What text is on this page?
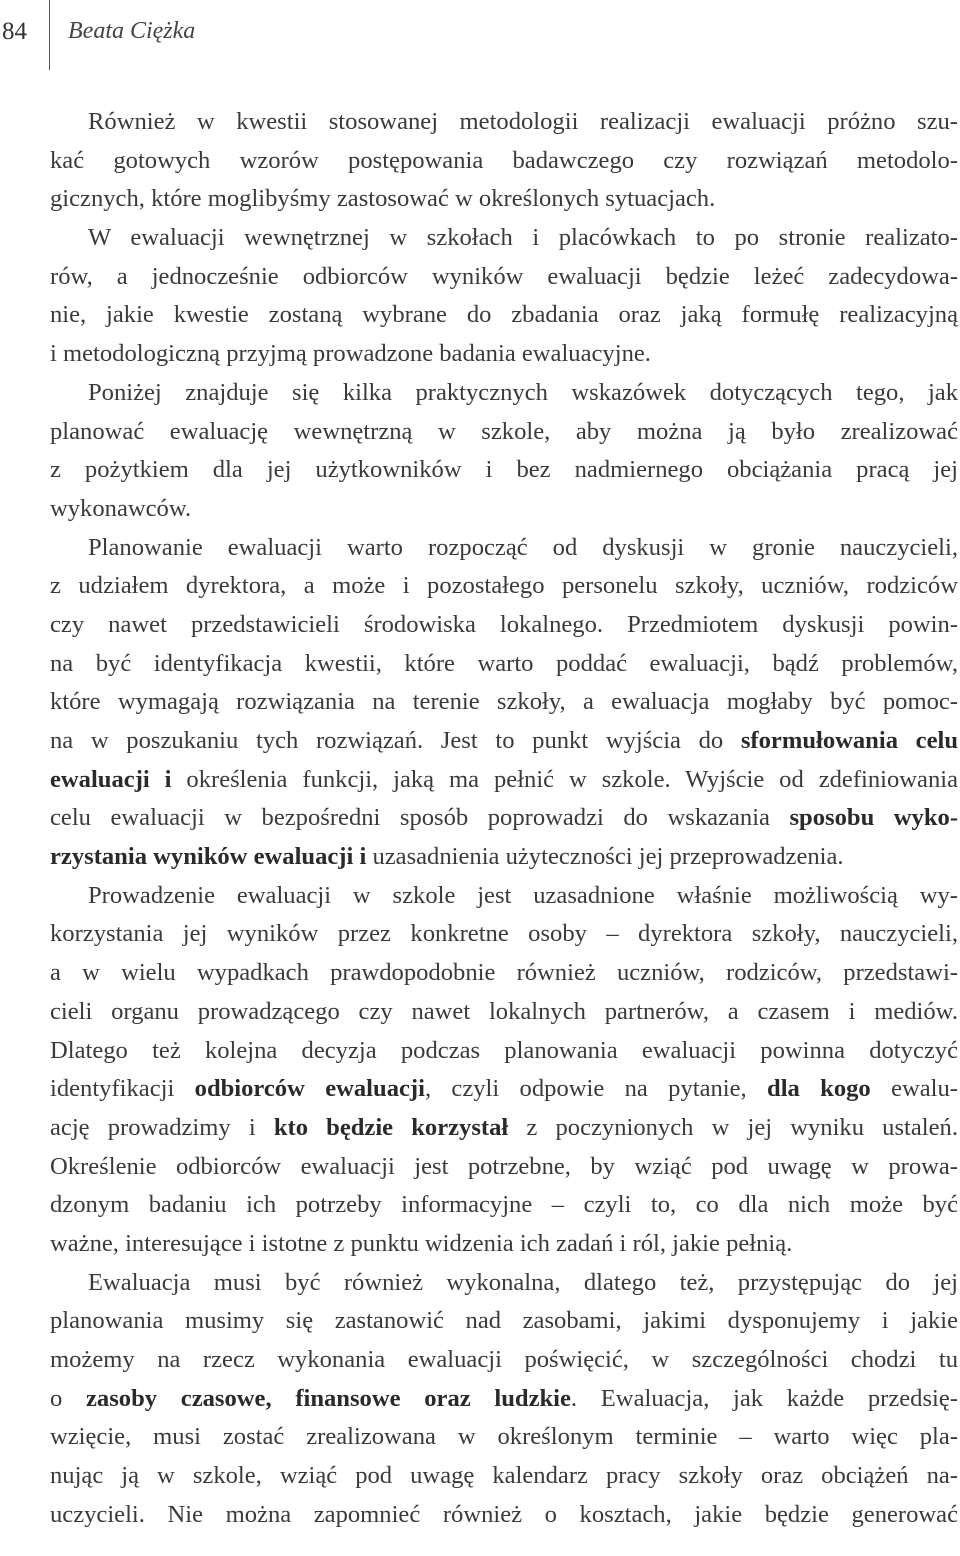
84 Beata Ciężka
Również w kwestii stosowanej metodologii realizacji ewaluacji próżno szu-
kać gotowych wzorów postępowania badawczego czy rozwiązań metodolo-
gicznych, które moglibyśmy zastosować w określonych sytuacjach.
W ewaluacji wewnętrznej w szkołach i placówkach to po stronie realizato-
rów, a jednocześnie odbiorców wyników ewaluacji będzie leżeć zadecydowa-
nie, jakie kwestie zostaną wybrane do zbadania oraz jaką formułę realizacyjną
i metodologiczną przyjmą prowadzone badania ewaluacyjne.
Poniżej znajduje się kilka praktycznych wskazówek dotyczących tego, jak
planować ewaluację wewnętrzną w szkole, aby można ją było zrealizować
z pożytkiem dla jej użytkowników i bez nadmiernego obciążania pracą jej
wykonawców.
Planowanie ewaluacji warto rozpocząć od dyskusji w gronie nauczycieli,
z udziałem dyrektora, a może i pozostałego personelu szkoły, uczniów, rodziców
czy nawet przedstawicieli środowiska lokalnego. Przedmiotem dyskusji powin-
na być identyfikacja kwestii, które warto poddać ewaluacji, bądź problemów,
które wymagają rozwiązania na terenie szkoły, a ewaluacja mogłaby być pomoc-
na w poszukaniu tych rozwiązań. Jest to punkt wyjścia do sformułowania celu
ewaluacji i określenia funkcji, jaką ma pełnić w szkole. Wyjście od zdefiniowania
celu ewaluacji w bezpośredni sposób poprowadzi do wskazania sposobu wyko-
rzystania wyników ewaluacji i uzasadnienia użyteczności jej przeprowadzenia.
Prowadzenie ewaluacji w szkole jest uzasadnione właśnie możliwością wy-
korzystania jej wyników przez konkretne osoby – dyrektora szkoły, nauczycieli,
a w wielu wypadkach prawdopodobnie również uczniów, rodziców, przedstawi-
cieli organu prowadzącego czy nawet lokalnych partnerów, a czasem i mediów.
Dlatego też kolejna decyzja podczas planowania ewaluacji powinna dotyczyć
identyfikacji odbiorców ewaluacji, czyli odpowie na pytanie, dla kogo ewalu-
ację prowadzimy i kto będzie korzystał z poczynionych w jej wyniku ustaleń.
Określenie odbiorców ewaluacji jest potrzebne, by wziąć pod uwagę w prowa-
dzonym badaniu ich potrzeby informacyjne – czyli to, co dla nich może być
ważne, interesujące i istotne z punktu widzenia ich zadań i ról, jakie pełnią.
Ewaluacja musi być również wykonalna, dlatego też, przystępując do jej
planowania musimy się zastanowić nad zasobami, jakimi dysponujemy i jakie
możemy na rzecz wykonania ewaluacji poświęcić, w szczególności chodzi tu
o zasoby czasowe, finansowe oraz ludzkie. Ewaluacja, jak każde przedsię-
wzięcie, musi zostać zrealizowana w określonym terminie – warto więc pla-
nując ją w szkole, wziąć pod uwagę kalendarz pracy szkoły oraz obciążeń na-
uczycieli. Nie można zapomnieć również o kosztach, jakie będzie generować
